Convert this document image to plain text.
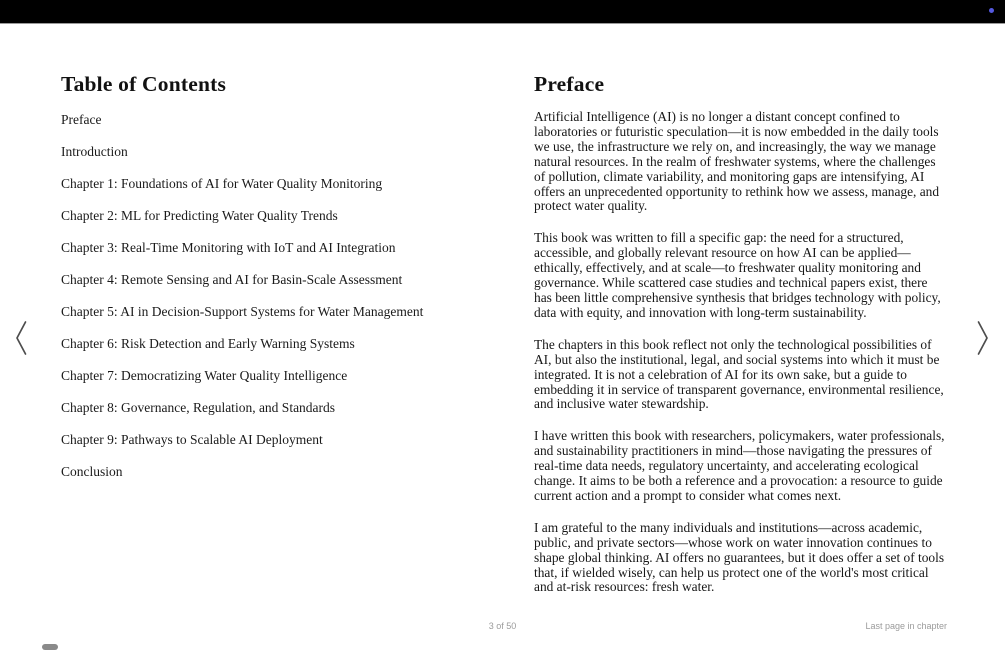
Table of Contents
Preface
Introduction
Chapter 1: Foundations of AI for Water Quality Monitoring
Chapter 2: ML for Predicting Water Quality Trends
Chapter 3: Real-Time Monitoring with IoT and AI Integration
Chapter 4: Remote Sensing and AI for Basin-Scale Assessment
Chapter 5: AI in Decision-Support Systems for Water Management
Chapter 6: Risk Detection and Early Warning Systems
Chapter 7: Democratizing Water Quality Intelligence
Chapter 8: Governance, Regulation, and Standards
Chapter 9: Pathways to Scalable AI Deployment
Conclusion
Preface
Artificial Intelligence (AI) is no longer a distant concept confined to laboratories or futuristic speculation—it is now embedded in the daily tools we use, the infrastructure we rely on, and increasingly, the way we manage natural resources. In the realm of freshwater systems, where the challenges of pollution, climate variability, and monitoring gaps are intensifying, AI offers an unprecedented opportunity to rethink how we assess, manage, and protect water quality.
This book was written to fill a specific gap: the need for a structured, accessible, and globally relevant resource on how AI can be applied—ethically, effectively, and at scale—to freshwater quality monitoring and governance. While scattered case studies and technical papers exist, there has been little comprehensive synthesis that bridges technology with policy, data with equity, and innovation with long-term sustainability.
The chapters in this book reflect not only the technological possibilities of AI, but also the institutional, legal, and social systems into which it must be integrated. It is not a celebration of AI for its own sake, but a guide to embedding it in service of transparent governance, environmental resilience, and inclusive water stewardship.
I have written this book with researchers, policymakers, water professionals, and sustainability practitioners in mind—those navigating the pressures of real-time data needs, regulatory uncertainty, and accelerating ecological change. It aims to be both a reference and a provocation: a resource to guide current action and a prompt to consider what comes next.
I am grateful to the many individuals and institutions—across academic, public, and private sectors—whose work on water innovation continues to shape global thinking. AI offers no guarantees, but it does offer a set of tools that, if wielded wisely, can help us protect one of the world's most critical and at-risk resources: fresh water.
3 of 50	Last page in chapter
